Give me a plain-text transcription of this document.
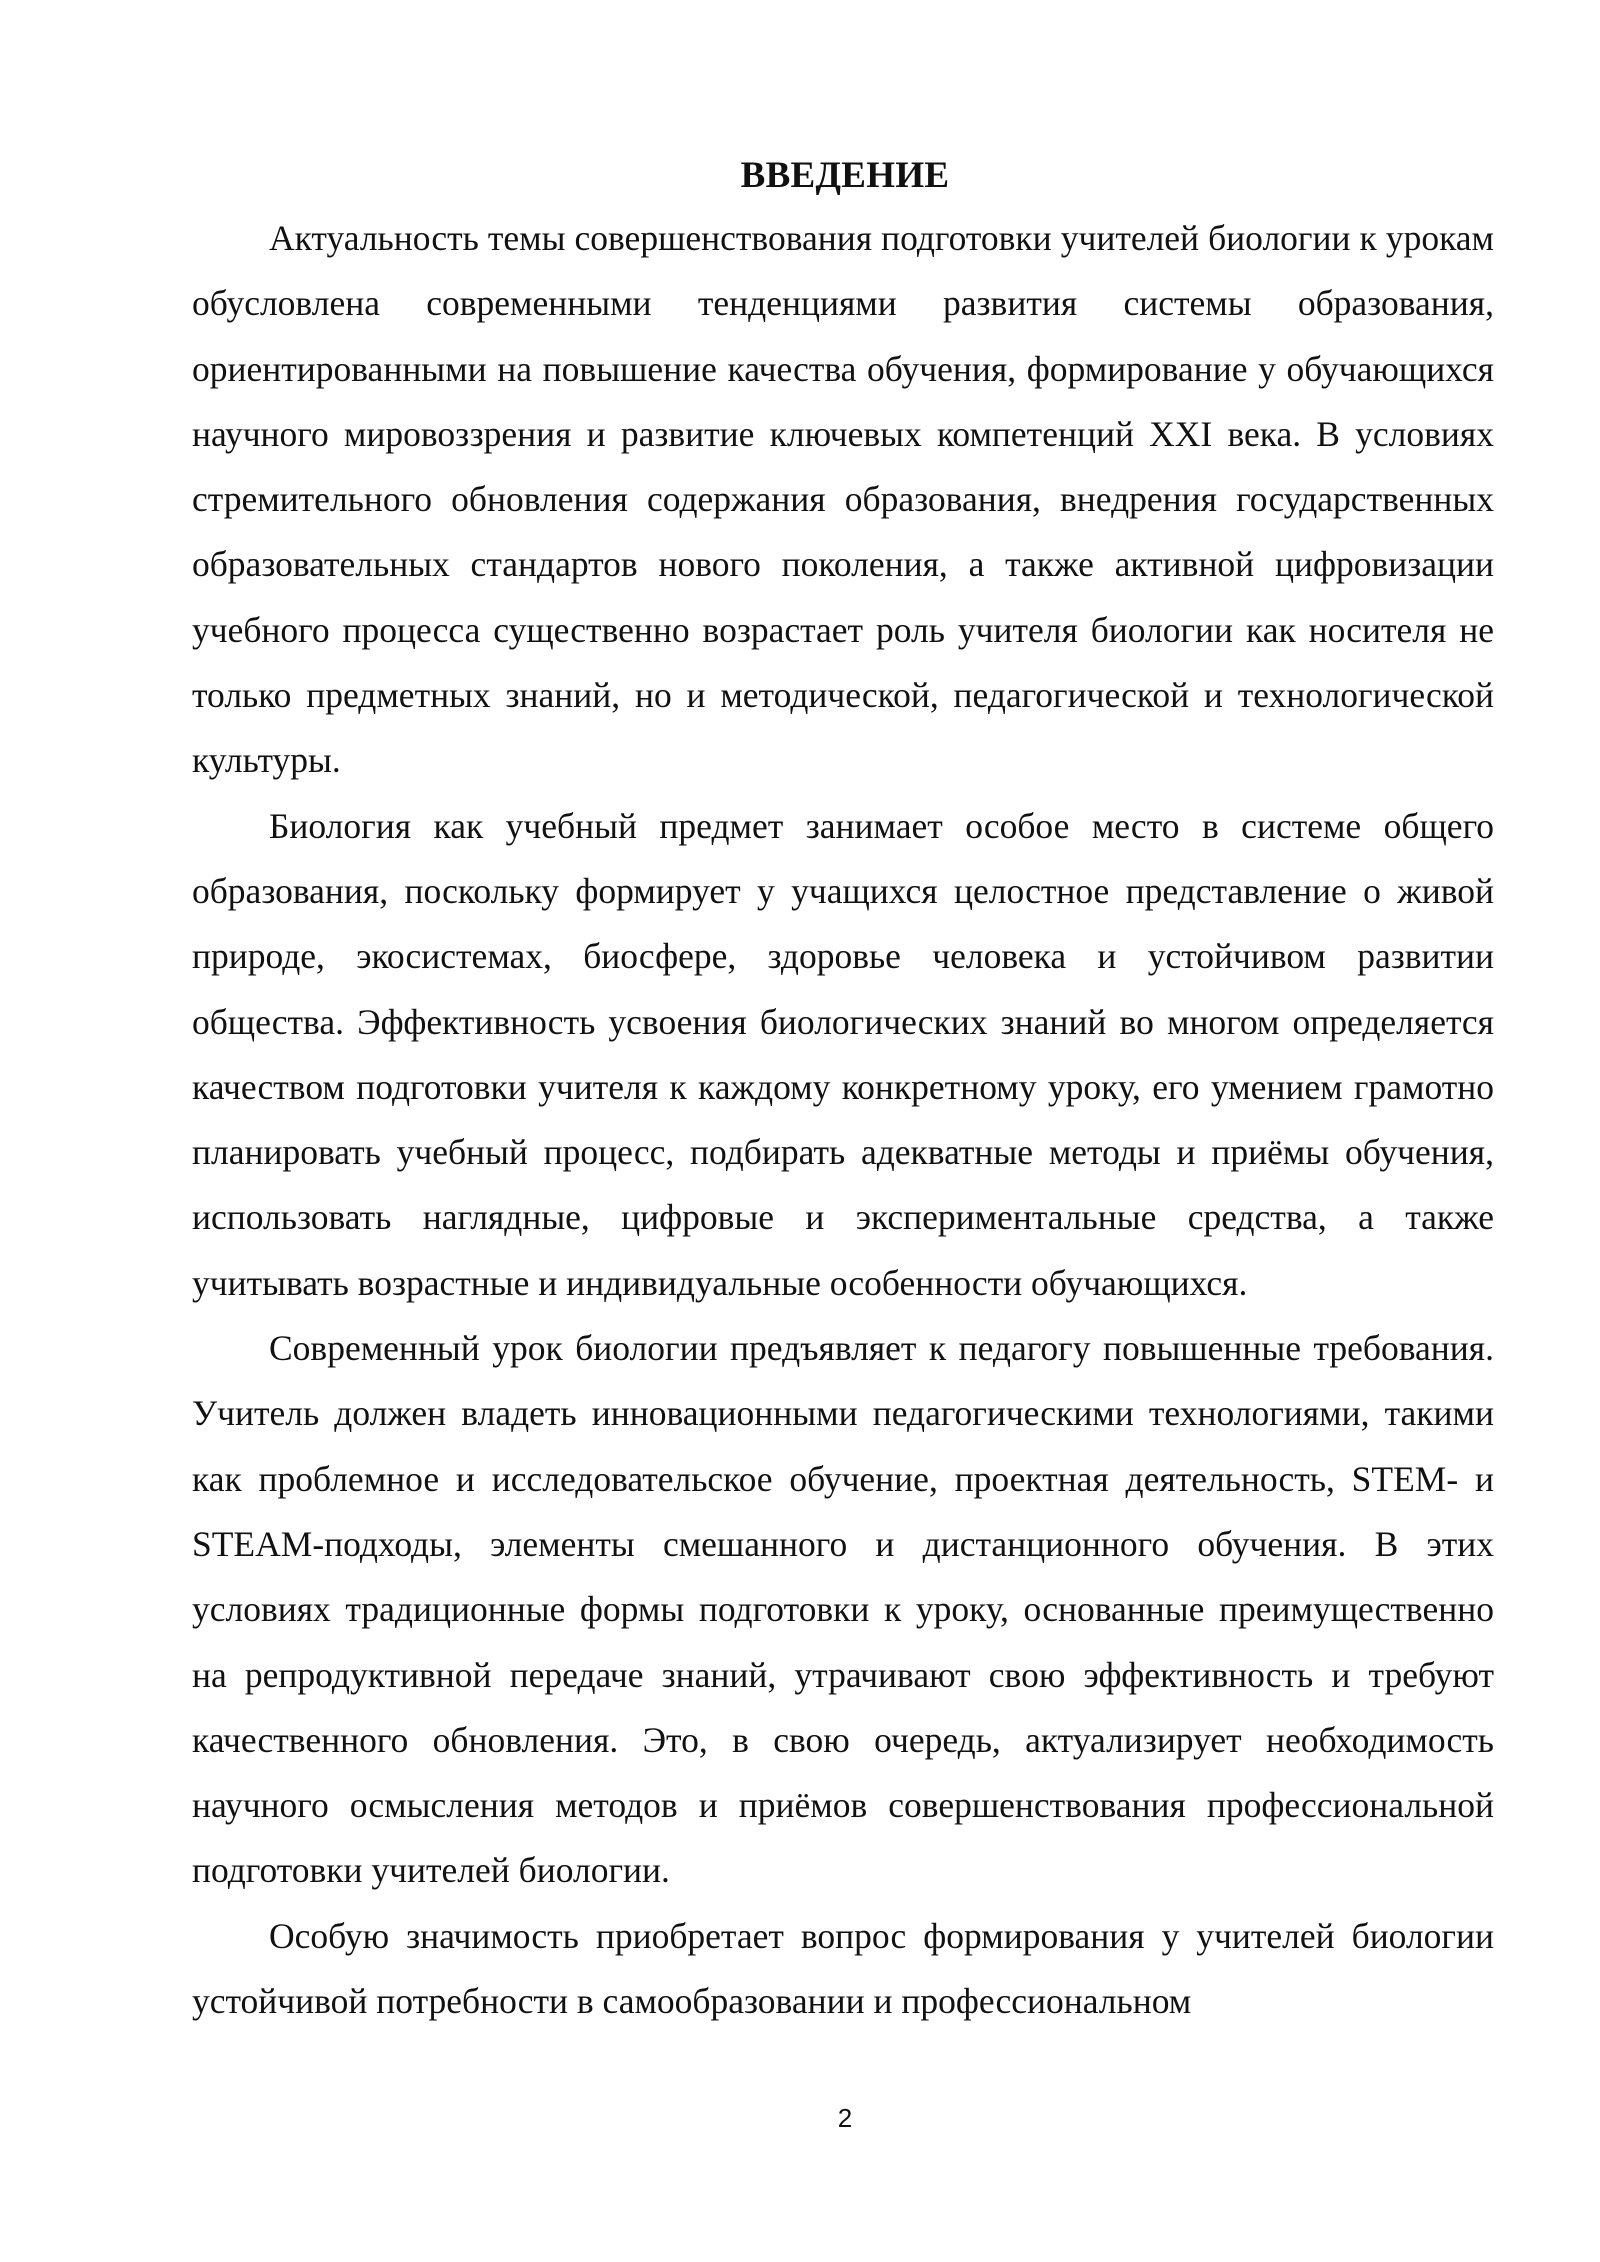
ВВЕДЕНИЕ

Актуальность темы совершенствования подготовки учителей биологии к урокам обусловлена современными тенденциями развития системы образования, ориентированными на повышение качества обучения, формирование у обучающихся научного мировоззрения и развитие ключевых компетенций XXI века. В условиях стремительного обновления содержания образования, внедрения государственных образовательных стандартов нового поколения, а также активной цифровизации учебного процесса существенно возрастает роль учителя биологии как носителя не только предметных знаний, но и методической, педагогической и технологической культуры.

Биология как учебный предмет занимает особое место в системе общего образования, поскольку формирует у учащихся целостное представление о живой природе, экосистемах, биосфере, здоровье человека и устойчивом развитии общества. Эффективность усвоения биологических знаний во многом определяется качеством подготовки учителя к каждому конкретному уроку, его умением грамотно планировать учебный процесс, подбирать адекватные методы и приёмы обучения, использовать наглядные, цифровые и экспериментальные средства, а также учитывать возрастные и индивидуальные особенности обучающихся.

Современный урок биологии предъявляет к педагогу повышенные требования. Учитель должен владеть инновационными педагогическими технологиями, такими как проблемное и исследовательское обучение, проектная деятельность, STEM- и STEAM-подходы, элементы смешанного и дистанционного обучения. В этих условиях традиционные формы подготовки к уроку, основанные преимущественно на репродуктивной передаче знаний, утрачивают свою эффективность и требуют качественного обновления. Это, в свою очередь, актуализирует необходимость научного осмысления методов и приёмов совершенствования профессиональной подготовки учителей биологии.

Особую значимость приобретает вопрос формирования у учителей биологии устойчивой потребности в самообразовании и профессиональном

2
